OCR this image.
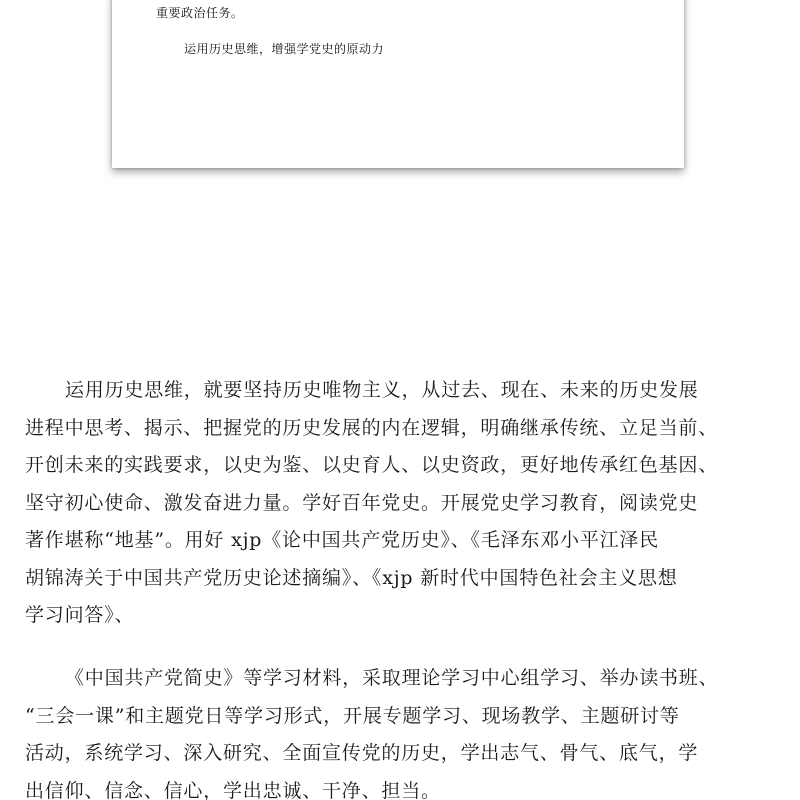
重要政治任务。
运用历史思维，增强学党史的原动力
运用历史思维，就要坚持历史唯物主义，从过去、现在、未来的历史发展
进程中思考、揭示、把握党的历史发展的内在逻辑，明确继承传统、立足当前、
开创未来的实践要求，以史为鉴、以史育人、以史资政，更好地传承红色基因、
坚守初心使命、激发奋进力量。学好百年党史。开展党史学习教育，阅读党史
著作堪称“地基”。用好 xjp《论中国共产党历史》、《毛泽东邓小平江泽民
胡锦涛关于中国共产党历史论述摘编》、《xjp 新时代中国特色社会主义思想
学习问答》、
《中国共产党简史》等学习材料，采取理论学习中心组学习、举办读书班、
“三会一课”和主题党日等学习形式，开展专题学习、现场教学、主题研讨等
活动，系统学习、深入研究、全面宣传党的历史，学出志气、骨气、底气，学
出信仰、信念、信心，学出忠诚、干净、担当。
